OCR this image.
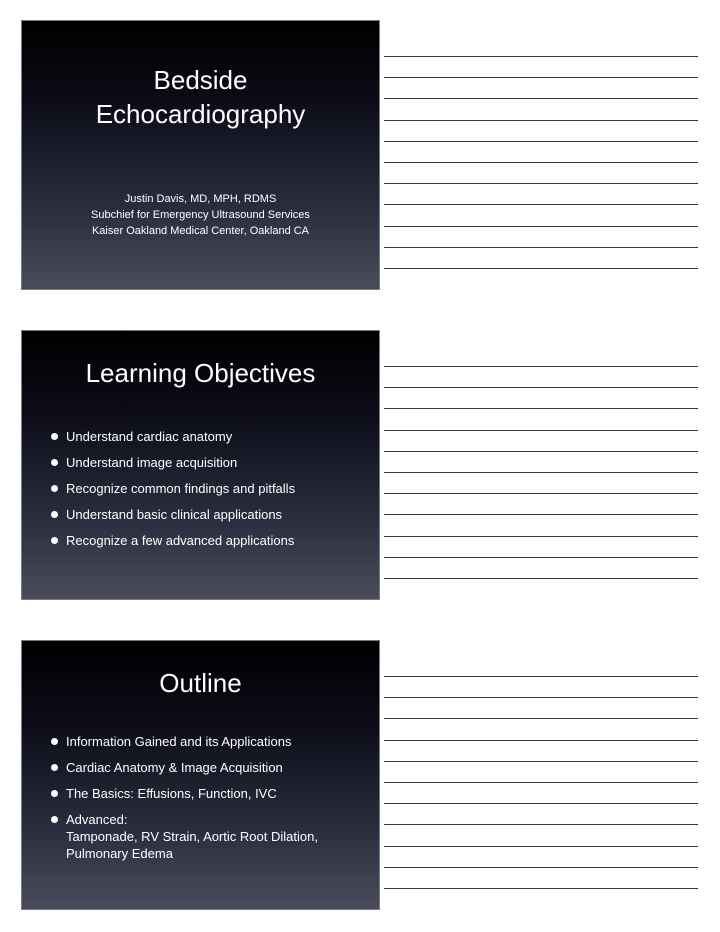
Bedside
Echocardiography
Justin Davis, MD, MPH, RDMS
Subchief for Emergency Ultrasound Services
Kaiser Oakland Medical Center, Oakland CA
Learning Objectives
Understand cardiac anatomy
Understand image acquisition
Recognize common findings and pitfalls
Understand basic clinical applications
Recognize a few advanced applications
Outline
Information Gained and its Applications
Cardiac Anatomy & Image Acquisition
The Basics: Effusions, Function, IVC
Advanced:
Tamponade, RV Strain, Aortic Root Dilation,
Pulmonary Edema
